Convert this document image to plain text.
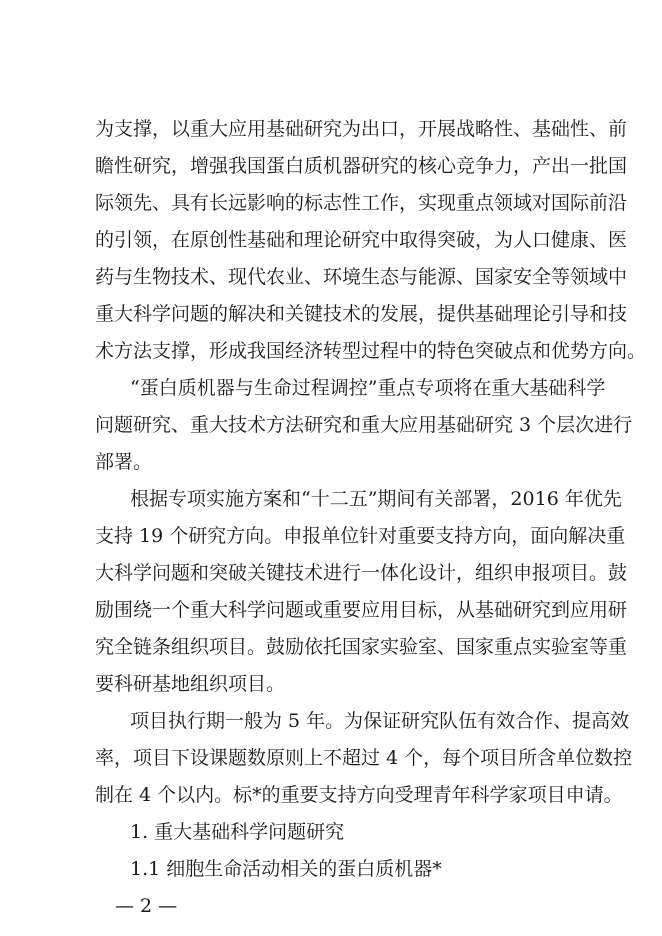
为支撑，以重大应用基础研究为出口，开展战略性、基础性、前
瞻性研究，增强我国蛋白质机器研究的核心竞争力，产出一批国
际领先、具有长远影响的标志性工作，实现重点领域对国际前沿
的引领，在原创性基础和理论研究中取得突破，为人口健康、医
药与生物技术、现代农业、环境生态与能源、国家安全等领域中
重大科学问题的解决和关键技术的发展，提供基础理论引导和技
术方法支撑，形成我国经济转型过程中的特色突破点和优势方向。
“蛋白质机器与生命过程调控”重点专项将在重大基础科学
问题研究、重大技术方法研究和重大应用基础研究 3 个层次进行
部署。
根据专项实施方案和“十二五”期间有关部署，2016 年优先
支持 19 个研究方向。申报单位针对重要支持方向，面向解决重
大科学问题和突破关键技术进行一体化设计，组织申报项目。鼓
励围绕一个重大科学问题或重要应用目标，从基础研究到应用研
究全链条组织项目。鼓励依托国家实验室、国家重点实验室等重
要科研基地组织项目。
项目执行期一般为 5 年。为保证研究队伍有效合作、提高效
率，项目下设课题数原则上不超过 4 个，每个项目所含单位数控
制在 4 个以内。标*的重要支持方向受理青年科学家项目申请。
1. 重大基础科学问题研究
1.1 细胞生命活动相关的蛋白质机器*
— 2 —
